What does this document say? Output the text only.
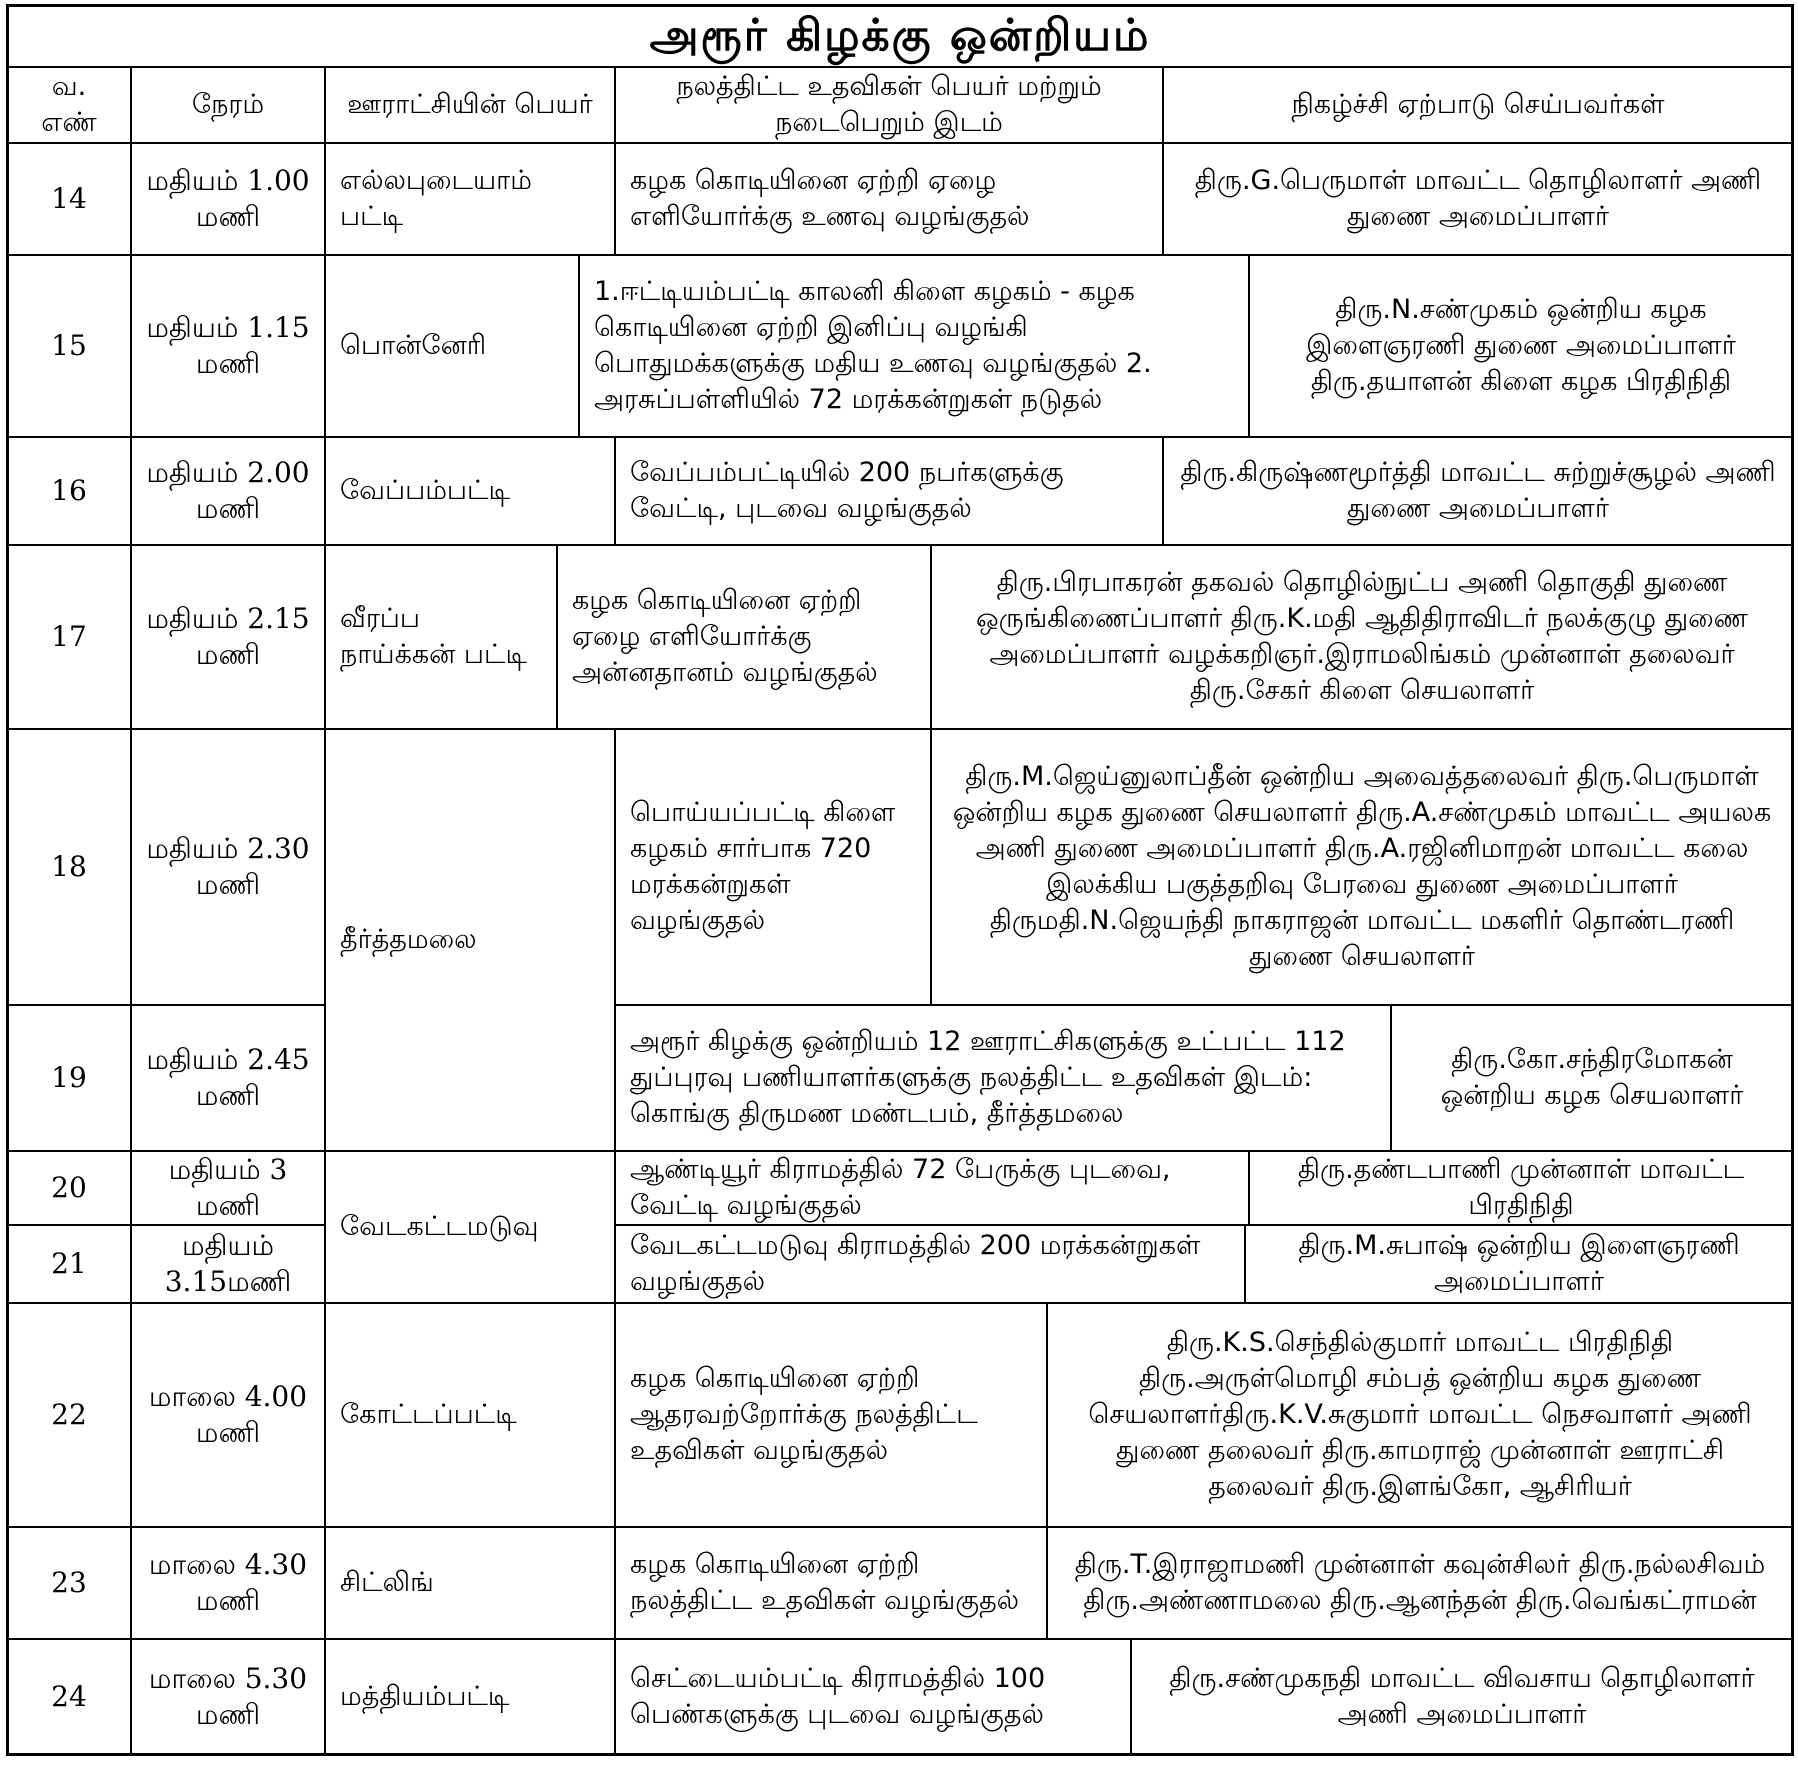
அரூர் கிழக்கு ஒன்றியம்
வ. எண்
நேரம்	ஊராட்சியின் பெயர்
நலத்திட்ட உதவிகள் பெயர் மற்றும் நடைபெறும் இடம்
நிகழ்ச்சி ஏற்பாடு செய்பவர்கள்
14
மதியம் 1.00 மணி
எல்லபுடையாம் பட்டி
கழக கொடியினை ஏற்றி ஏழை எளியோர்க்கு உணவு வழங்குதல்
திரு.G.பெருமாள் மாவட்ட தொழிலாளர் அணி துணை அமைப்பாளர்
15
மதியம் 1.15 மணி
பொன்னேரி
1.ஈட்டியம்பட்டி காலனி கிளை கழகம் - கழக கொடியினை ஏற்றி இனிப்பு வழங்கி பொதுமக்களுக்கு மதிய உணவு வழங்குதல் 2. அரசுப்பள்ளியில் 72 மரக்கன்றுகள் நடுதல்
திரு.N.சண்முகம் ஒன்றிய கழக இளைஞரணி துணை அமைப்பாளர் திரு.தயாளன் கிளை கழக பிரதிநிதி
16
மதியம் 2.00 மணி
வேப்பம்பட்டி
வேப்பம்பட்டியில் 200 நபர்களுக்கு வேட்டி, புடவை வழங்குதல்
திரு.கிருஷ்ணமூர்த்தி மாவட்ட சுற்றுச்சூழல் அணி துணை அமைப்பாளர்
17
மதியம் 2.15 மணி
வீரப்ப நாய்க்கன் பட்டி
கழக கொடியினை ஏற்றி ஏழை எளியோர்க்கு அன்னதானம் வழங்குதல்
திரு.பிரபாகரன் தகவல் தொழில்நுட்ப அணி தொகுதி துணை ஒருங்கிணைப்பாளர் திரு.K.மதி ஆதிதிராவிடர் நலக்குழு துணை அமைப்பாளர் வழக்கறிஞர்.இராமலிங்கம் முன்னாள் தலைவர் திரு.சேகர் கிளை செயலாளர்
18
மதியம் 2.30 மணி
தீர்த்தமலை
பொய்யப்பட்டி கிளை கழகம் சார்பாக 720 மரக்கன்றுகள் வழங்குதல்
திரு.M.ஜெய்னுலாப்தீன் ஒன்றிய அவைத்தலைவர் திரு.பெருமாள் ஒன்றிய கழக துணை செயலாளர் திரு.A.சண்முகம் மாவட்ட அயலக அணி துணை அமைப்பாளர் திரு.A.ரஜினிமாறன் மாவட்ட கலை இலக்கிய பகுத்தறிவு பேரவை துணை அமைப்பாளர் திருமதி.N.ஜெயந்தி நாகராஜன் மாவட்ட மகளிர் தொண்டரணி துணை செயலாளர்
19
மதியம் 2.45 மணி
அரூர் கிழக்கு ஒன்றியம் 12 ஊராட்சிகளுக்கு உட்பட்ட 112 துப்புரவு பணியாளர்களுக்கு நலத்திட்ட உதவிகள் இடம்: கொங்கு திருமண மண்டபம், தீர்த்தமலை
திரு.கோ.சந்திரமோகன் ஒன்றிய கழக செயலாளர்
20
மதியம் 3 மணி
வேடகட்டமடுவு
ஆண்டியூர் கிராமத்தில் 72 பேருக்கு புடவை, வேட்டி வழங்குதல்
திரு.தண்டபாணி முன்னாள் மாவட்ட பிரதிநிதி
21
மதியம் 3.15மணி
வேடகட்டமடுவு கிராமத்தில் 200 மரக்கன்றுகள் வழங்குதல்
திரு.M.சுபாஷ் ஒன்றிய இளைஞரணி அமைப்பாளர்
22
மாலை 4.00 மணி
கோட்டப்பட்டி
கழக கொடியினை ஏற்றி ஆதரவற்றோர்க்கு நலத்திட்ட உதவிகள் வழங்குதல்
திரு.K.S.செந்தில்குமார் மாவட்ட பிரதிநிதி திரு.அருள்மொழி சம்பத் ஒன்றிய கழக துணை செயலாளர்திரு.K.V.சுகுமார் மாவட்ட நெசவாளர் அணி துணை தலைவர் திரு.காமராஜ் முன்னாள் ஊராட்சி தலைவர் திரு.இளங்கோ, ஆசிரியர்
23
மாலை 4.30 மணி
சிட்லிங்
கழக கொடியினை ஏற்றி நலத்திட்ட உதவிகள் வழங்குதல்
திரு.T.இராஜாமணி முன்னாள் கவுன்சிலர் திரு.நல்லசிவம் திரு.அண்ணாமலை திரு.ஆனந்தன் திரு.வெங்கட்ராமன்
24
மாலை 5.30 மணி
மத்தியம்பட்டி
செட்டையம்பட்டி கிராமத்தில் 100 பெண்களுக்கு புடவை வழங்குதல்
திரு.சண்முகநதி மாவட்ட விவசாய தொழிலாளர் அணி அமைப்பாளர்
